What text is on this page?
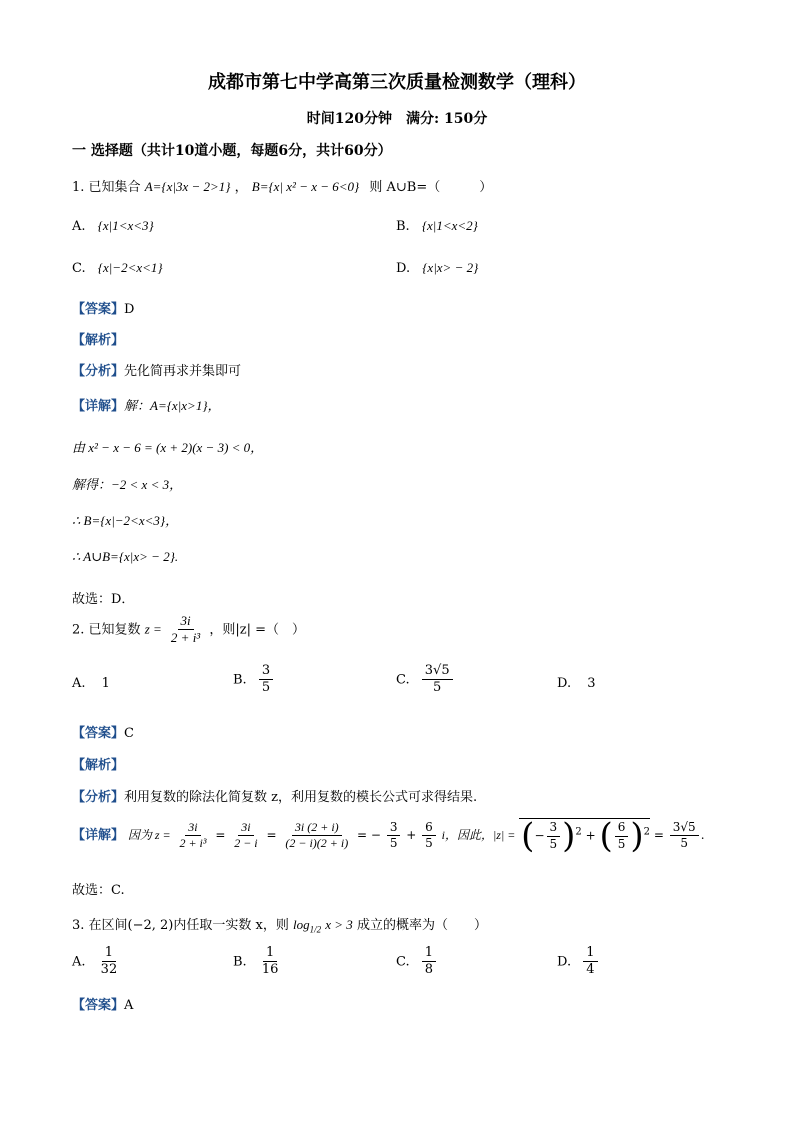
成都市第七中学高第三次质量检测数学（理科）
时间120分钟　满分: 150分
一 选择题（共计10道小题，每题6分，共计60分）
1. 已知集合 A={x|3x − 2>1} ， B={x| x² − x − 6<0} 则 A∪B=（　　　）
A. {x|1<x<3}	B. {x|1<x<2}
C. {x|−2<x<1}	D. {x|x> − 2}
【答案】D
【解析】
【分析】先化简再求并集即可
【详解】解：A={x|x>1}，
由 x² − x − 6 = (x + 2)(x − 3) < 0，
解得：−2 < x < 3，
∴ B={x|−2<x<3}，
∴ A∪B={x|x> − 2}.
故选：D．
2. 已知复数 $z = \frac{3i}{\text{2 + i³}}$ ，则|z| =（　）
A. 1	B. $\frac{3}{5}$	C. $\frac{3√5}{5}$	D. 3
【答案】C
【解析】
【分析】利用复数的除法化简复数 z，利用复数的模长公式可求得结果.
【详解】 因为 $z = \frac{3i}{\text{2 + i³}} = \frac{3i}{2 - i} = \frac{3i (2 + i)}{(2 - i)(2 + i)}$ = − $\frac{3}{5} + \frac{6}{5}$ i，因此，|z| = (− $\frac{3}{5} )^2$ + ( $\frac{6}{5} )^2 = \frac{3√5}{5}$ .
故选：C.
3. 在区间(−2, 2)内任取一实数 x，则 $\log_{1/2} x > 3$ 成立的概率为（　　）
A. $\frac{1}{32}$	B. $\frac{1}{16}$	C. $\frac{1}{8}$	D. $\frac{1}{4}$
【答案】A
